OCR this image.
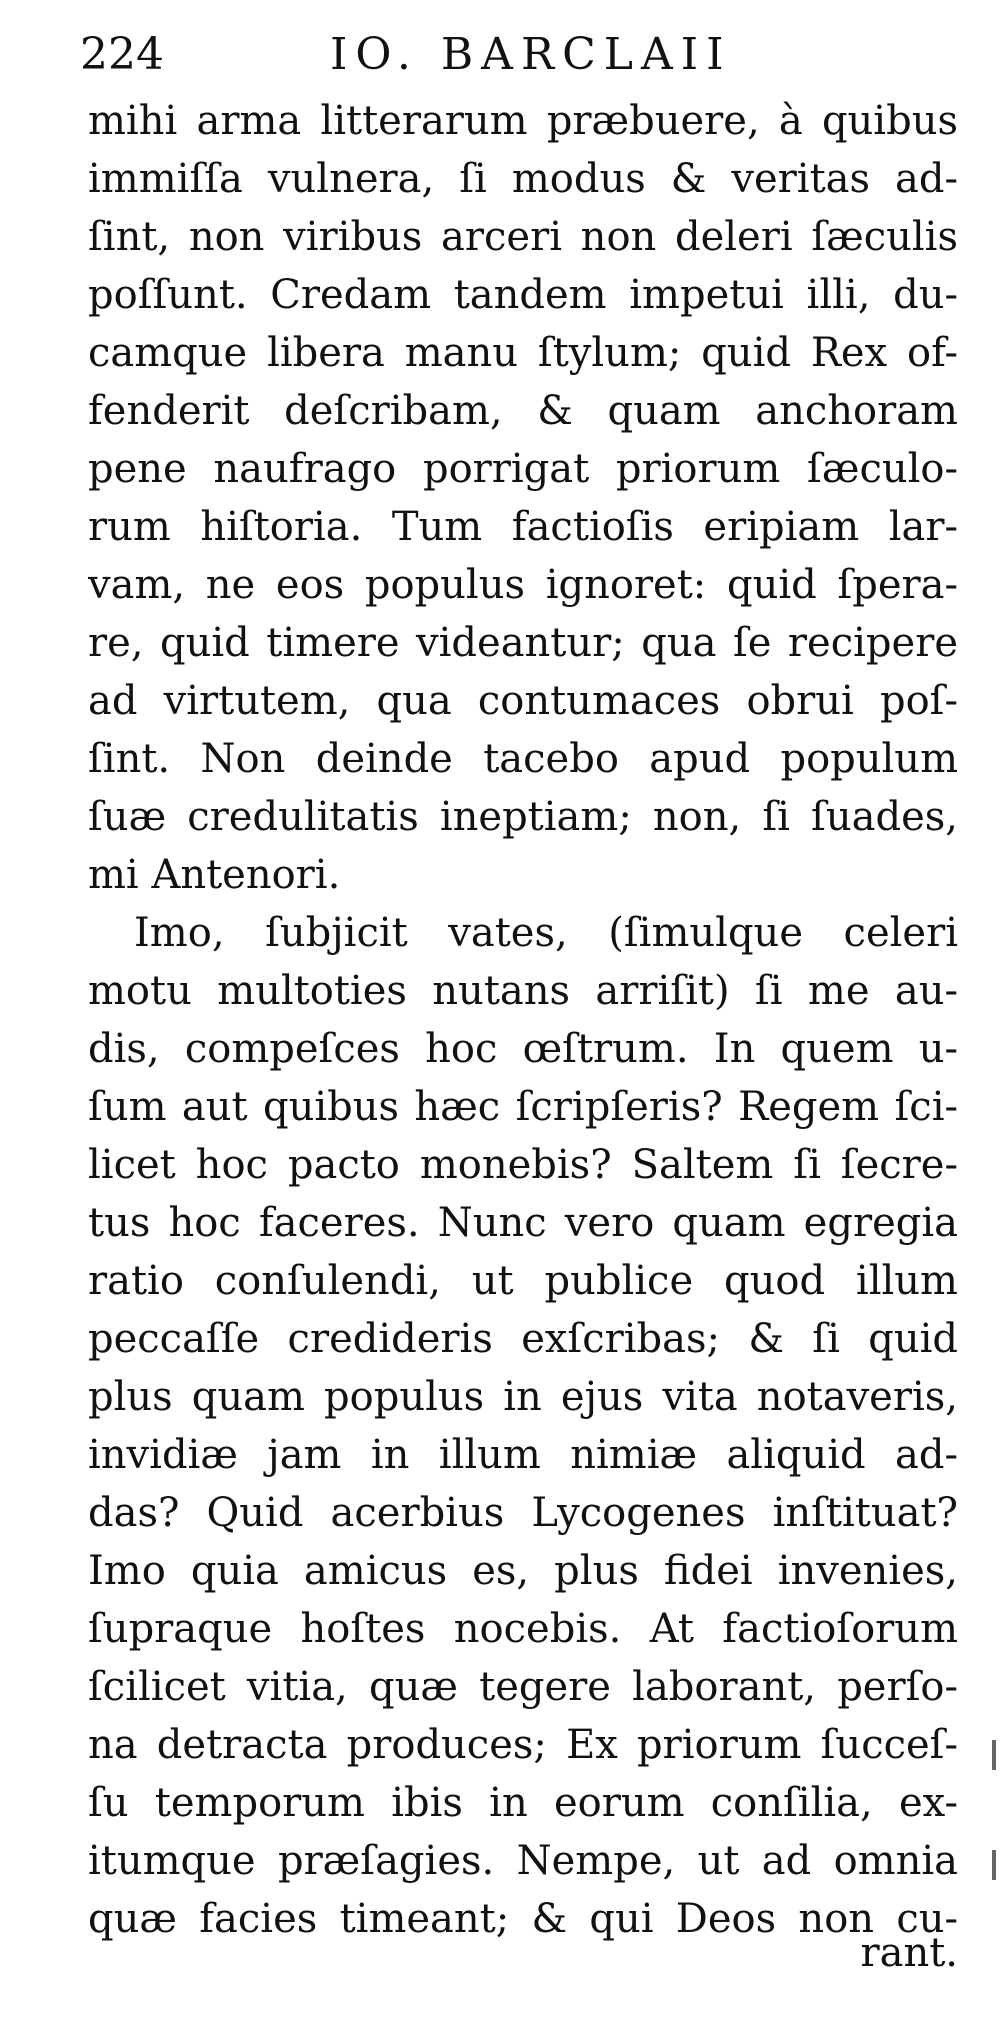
224	IO. BARCLAII
mihi arma litterarum præbuere, à quibus
immiſſa vulnera, ſi modus & veritas ad-
ſint, non viribus arceri non deleri ſæculis
poſſunt. Credam tandem impetui illi, du-
camque libera manu ſtylum; quid Rex of-
fenderit deſcribam, & quam anchoram
pene naufrago porrigat priorum ſæculo-
rum hiſtoria. Tum factioſis eripiam lar-
vam, ne eos populus ignoret: quid ſpera-
re, quid timere videantur; qua ſe recipere
ad virtutem, qua contumaces obrui poſ-
ſint. Non deinde tacebo apud populum
ſuæ credulitatis ineptiam; non, ſi ſuades,
mi Antenori.
Imo, ſubjicit vates, (ſimulque celeri
motu multoties nutans arriſit) ſi me au-
dis, compeſces hoc œſtrum. In quem u-
ſum aut quibus hæc ſcripſeris? Regem ſci-
licet hoc pacto monebis? Saltem ſi ſecre-
tus hoc faceres. Nunc vero quam egregia
ratio conſulendi, ut publice quod illum
peccaſſe credideris exſcribas; & ſi quid
plus quam populus in ejus vita notaveris,
invidiæ jam in illum nimiæ aliquid ad-
das? Quid acerbius Lycogenes inſtituat?
Imo quia amicus es, plus fidei invenies,
ſupraque hoſtes nocebis. At factioſorum
ſcilicet vitia, quæ tegere laborant, perſo-
na detracta produces; Ex priorum ſucceſ-
ſu temporum ibis in eorum conſilia, ex-
itumque præſagies. Nempe, ut ad omnia
quæ facies timeant; & qui Deos non cu-
rant.
